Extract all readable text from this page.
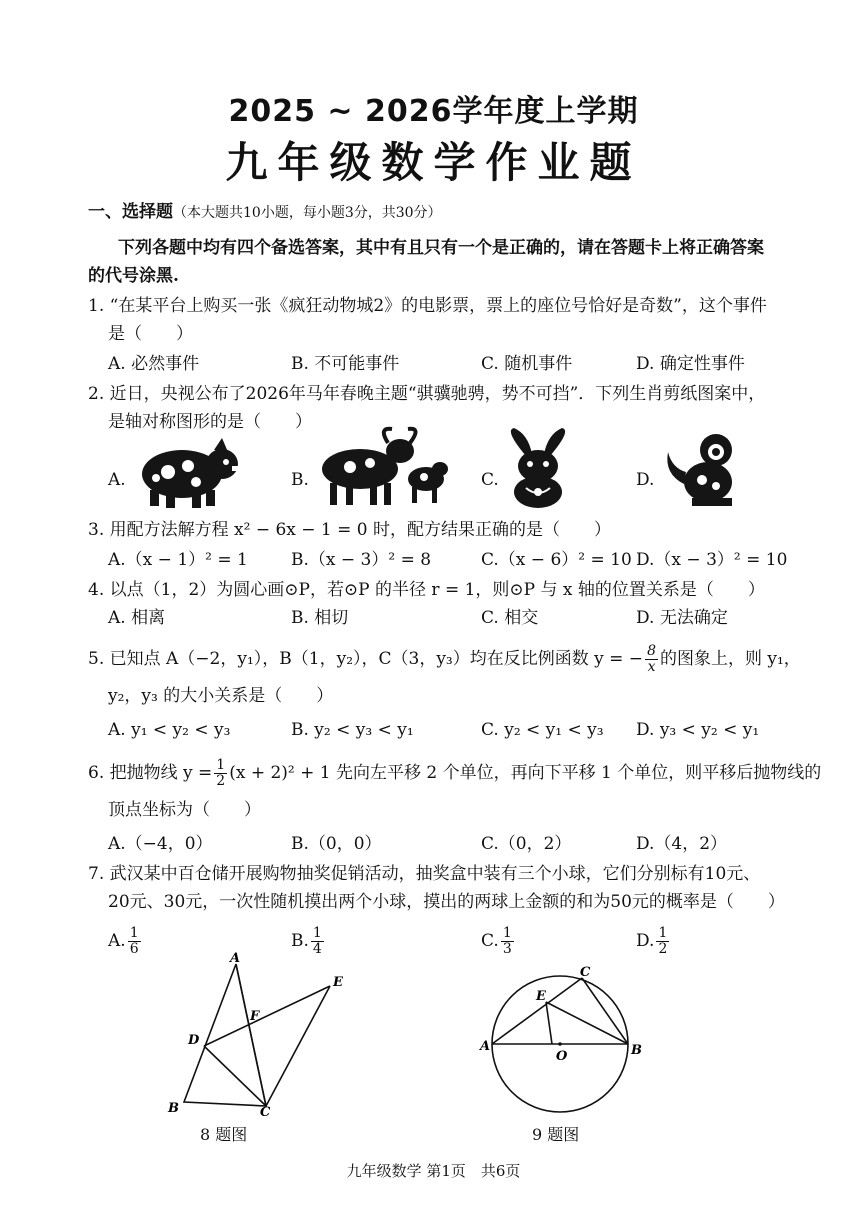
2025 ~ 2026学年度上学期
九年级数学作业题
一、选择题（本大题共10小题，每小题3分，共30分）
下列各题中均有四个备选答案，其中有且只有一个是正确的，请在答题卡上将正确答案
的代号涂黑.
1. “在某平台上购买一张《疯狂动物城2》的电影票，票上的座位号恰好是奇数”，这个事件
是（　　）
A. 必然事件	B. 不可能事件	C. 随机事件	D. 确定性事件
2. 近日，央视公布了2026年马年春晚主题“骐骥驰骋，势不可挡”．下列生肖剪纸图案中，
是轴对称图形的是（　　）
A.	B.	C.	D.
3. 用配方法解方程 x² − 6x − 1 = 0 时，配方结果正确的是（　　）
A.（x − 1）² = 1	B.（x − 3）² = 8	C.（x − 6）² = 10 D.（x − 3）² = 10
4. 以点（1，2）为圆心画⊙P，若⊙P 的半径 r = 1，则⊙P 与 x 轴的位置关系是（　　）
A. 相离	B. 相切	C. 相交	D. 无法确定
5. 已知点 A（−2，y₁），B（1，y₂），C（3，y₃）均在反比例函数 y = − $\frac{8}{x}$ 的图象上，则 y₁，
y₂，y₃ 的大小关系是（　　）
A. y₁ < y₂ < y₃	B. y₂ < y₃ < y₁	C. y₂ < y₁ < y₃ D. y₃ < y₂ < y₁
6. 把抛物线 $y = \frac{1}{2} (x + 2)^2 + 1$ 先向左平移 2 个单位，再向下平移 1 个单位，则平移后抛物线的
顶点坐标为（　　）
A.（−4，0）	B.（0，0）	C.（0，2）	D.（4，2）
7. 武汉某中百仓储开展购物抽奖促销活动，抽奖盒中装有三个小球，它们分别标有10元、
20元、30元，一次性随机摸出两个小球，摸出的两球上金额的和为50元的概率是（　　）
A. $\frac{1}{6}$	B. $\frac{1}{4}$	C. $\frac{1}{3}$	D. $\frac{1}{2}$
A
E
F
D
B	C
8 题图
C
E
A
O	B
9 题图
九年级数学 第1页　共6页
